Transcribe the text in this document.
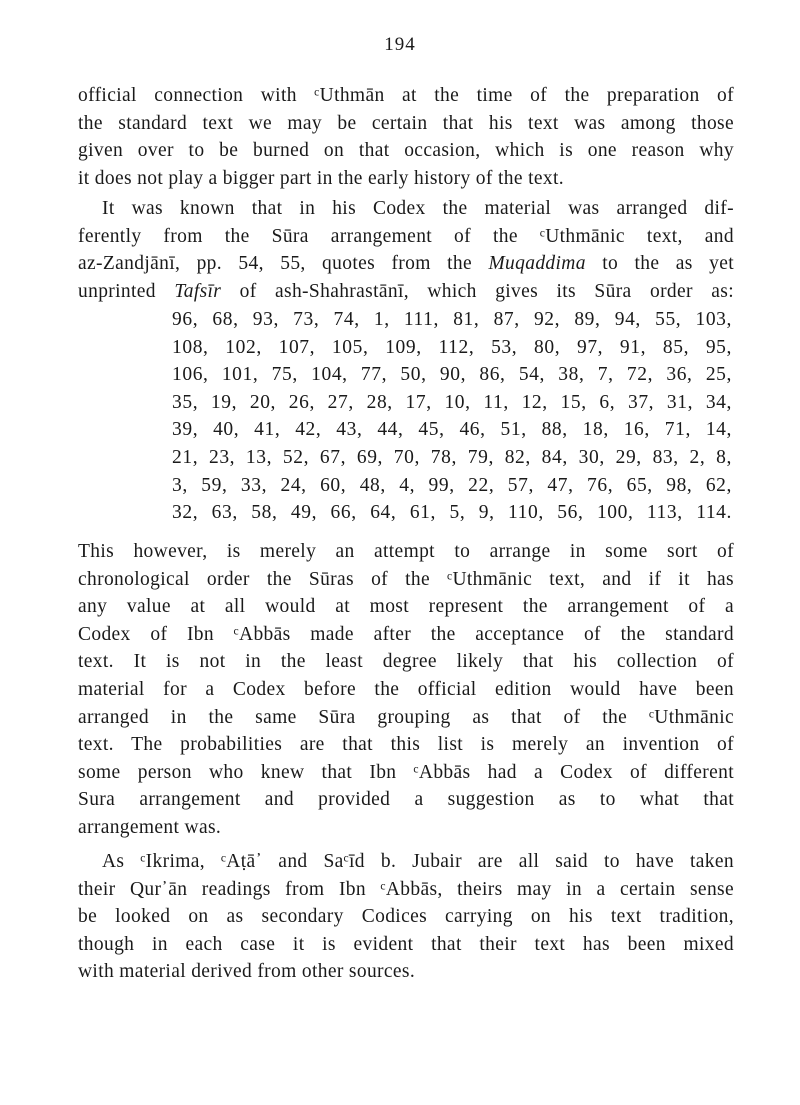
194
official connection with ᶜUthmān at the time of the preparation of
the standard text we may be certain that his text was among those
given over to be burned on that occasion, which is one reason why
it does not play a bigger part in the early history of the text.
It was known that in his Codex the material was arranged dif-
ferently from the Sūra arrangement of the ᶜUthmānic text, and
az-Zandjānī, pp. 54, 55, quotes from the Muqaddima to the as yet
unprinted Tafsīr of ash-Shahrastānī, which gives its Sūra order as:
96, 68, 93, 73, 74, 1, 111, 81, 87, 92, 89, 94, 55, 103,
108, 102, 107, 105, 109, 112, 53, 80, 97, 91, 85, 95,
106, 101, 75, 104, 77, 50, 90, 86, 54, 38, 7, 72, 36, 25,
35, 19, 20, 26, 27, 28, 17, 10, 11, 12, 15, 6, 37, 31, 34,
39, 40, 41, 42, 43, 44, 45, 46, 51, 88, 18, 16, 71, 14,
21, 23, 13, 52, 67, 69, 70, 78, 79, 82, 84, 30, 29, 83, 2, 8,
3, 59, 33, 24, 60, 48, 4, 99, 22, 57, 47, 76, 65, 98, 62,
32, 63, 58, 49, 66, 64, 61, 5, 9, 110, 56, 100, 113, 114.
This however, is merely an attempt to arrange in some sort of
chronological order the Sūras of the ᶜUthmānic text, and if it has
any value at all would at most represent the arrangement of a
Codex of Ibn ᶜAbbās made after the acceptance of the standard
text. It is not in the least degree likely that his collection of
material for a Codex before the official edition would have been
arranged in the same Sūra grouping as that of the ᶜUthmānic
text. The probabilities are that this list is merely an invention of
some person who knew that Ibn ᶜAbbās had a Codex of different
Sura arrangement and provided a suggestion as to what that
arrangement was.
As ᶜIkrima, ᶜAṭā᾿ and Saᶜīd b. Jubair are all said to have taken
their Qur᾿ān readings from Ibn ᶜAbbās, theirs may in a certain sense
be looked on as secondary Codices carrying on his text tradition,
though in each case it is evident that their text has been mixed
with material derived from other sources.
